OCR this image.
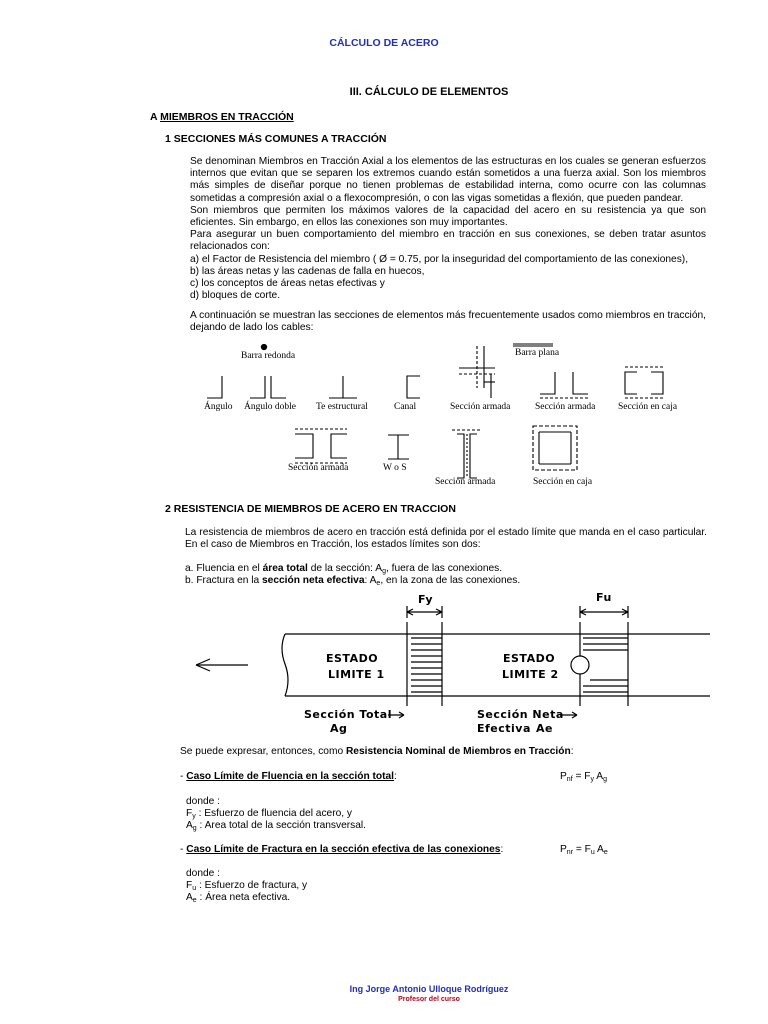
CÁLCULO DE ACERO
III. CÁLCULO DE ELEMENTOS
A MIEMBROS EN TRACCIÓN
1 SECCIONES MÁS COMUNES A TRACCIÓN

Se denominan Miembros en Tracción Axial a los elementos de las estructuras en los cuales se generan esfuerzos internos que evitan que se separen los extremos cuando están sometidos a una fuerza axial. Son los miembros más simples de diseñar porque no tienen problemas de estabilidad interna, como ocurre con las columnas sometidas a compresión axial o a flexocompresión, o con las vigas sometidas a flexión, que pueden pandear.

Son miembros que permiten los máximos valores de la capacidad del acero en su resistencia ya que son eficientes. Sin embargo, en ellos las conexiones son muy importantes.

Para asegurar un buen comportamiento del miembro en tracción en sus conexiones, se deben tratar asuntos relacionados con:

a) el Factor de Resistencia del miembro ( Ø = 0.75, por la inseguridad del comportamiento de las conexiones),

b) las áreas netas y las cadenas de falla en huecos,

c) los conceptos de áreas netas efectivas y

d) bloques de corte.

A continuación se muestran las secciones de elementos más frecuentemente usados como miembros en tracción, dejando de lado los cables:
Barra redonda	Barra plana
Ángulo Ángulo doble Te estructural	Canal	Sección armada	Sección armada Sección en caja
Sección armada	W o S
Sección armada	Sección en caja
2 RESISTENCIA DE MIEMBROS DE ACERO EN TRACCION
La resistencia de miembros de acero en tracción está definida por el estado límite que manda en el caso particular. En el caso de Miembros en Tracción, los estados límites son dos:
a. Fluencia en el área total de la sección: $A_g$, fuera de las conexiones.
b. Fractura en la sección neta efectiva: $A_e$, en la zona de las conexiones.
Fy	Fu
ESTADO
LIMITE 1
ESTADO
LIMITE 2
Sección Total
Ag
Sección Neta
Efectiva Ae
Se puede expresar, entonces, como Resistencia Nominal de Miembros en Tracción:
- Caso Límite de Fluencia en la sección total:	$P_{nf} = F_y$ $A_g$
donde :
$F_y$ : Esfuerzo de fluencia del acero, y
$A_g$ : Area total de la sección transversal.
- Caso Límite de Fractura en la sección efectiva de las conexiones:	$P_{nr} = F_u$ $A_e$
donde :
$F_u$ : Esfuerzo de fractura, y
$A_e$ : Área neta efectiva.
Ing Jorge Antonio Ulloque Rodríguez
Profesor del curso
